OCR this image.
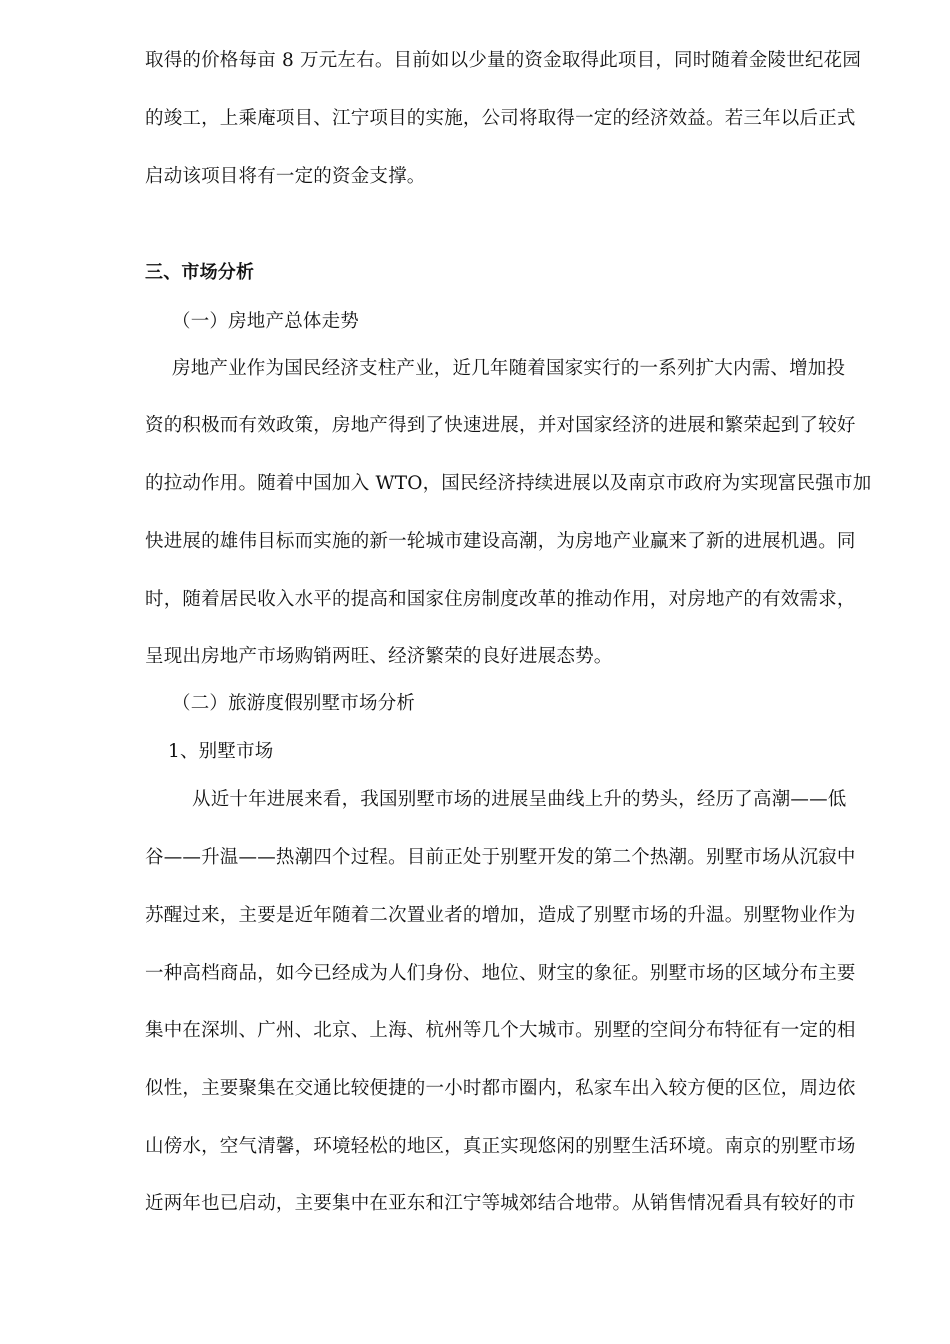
取得的价格每亩 8 万元左右。目前如以少量的资金取得此项目，同时随着金陵世纪花园
的竣工，上乘庵项目、江宁项目的实施，公司将取得一定的经济效益。若三年以后正式
启动该项目将有一定的资金支撑。
三、市场分析
（一）房地产总体走势
房地产业作为国民经济支柱产业，近几年随着国家实行的一系列扩大内需、增加投
资的积极而有效政策，房地产得到了快速进展，并对国家经济的进展和繁荣起到了较好
的拉动作用。随着中国加入 WTO，国民经济持续进展以及南京市政府为实现富民强市加
快进展的雄伟目标而实施的新一轮城市建设高潮，为房地产业赢来了新的进展机遇。同
时，随着居民收入水平的提高和国家住房制度改革的推动作用，对房地产的有效需求，
呈现出房地产市场购销两旺、经济繁荣的良好进展态势。
（二）旅游度假别墅市场分析
1、别墅市场
从近十年进展来看，我国别墅市场的进展呈曲线上升的势头，经历了高潮——低
谷——升温——热潮四个过程。目前正处于别墅开发的第二个热潮。别墅市场从沉寂中
苏醒过来，主要是近年随着二次置业者的增加，造成了别墅市场的升温。别墅物业作为
一种高档商品，如今已经成为人们身份、地位、财宝的象征。别墅市场的区域分布主要
集中在深圳、广州、北京、上海、杭州等几个大城市。别墅的空间分布特征有一定的相
似性，主要聚集在交通比较便捷的一小时都市圈内，私家车出入较方便的区位，周边依
山傍水，空气清馨，环境轻松的地区，真正实现悠闲的别墅生活环境。南京的别墅市场
近两年也已启动，主要集中在亚东和江宁等城郊结合地带。从销售情况看具有较好的市
